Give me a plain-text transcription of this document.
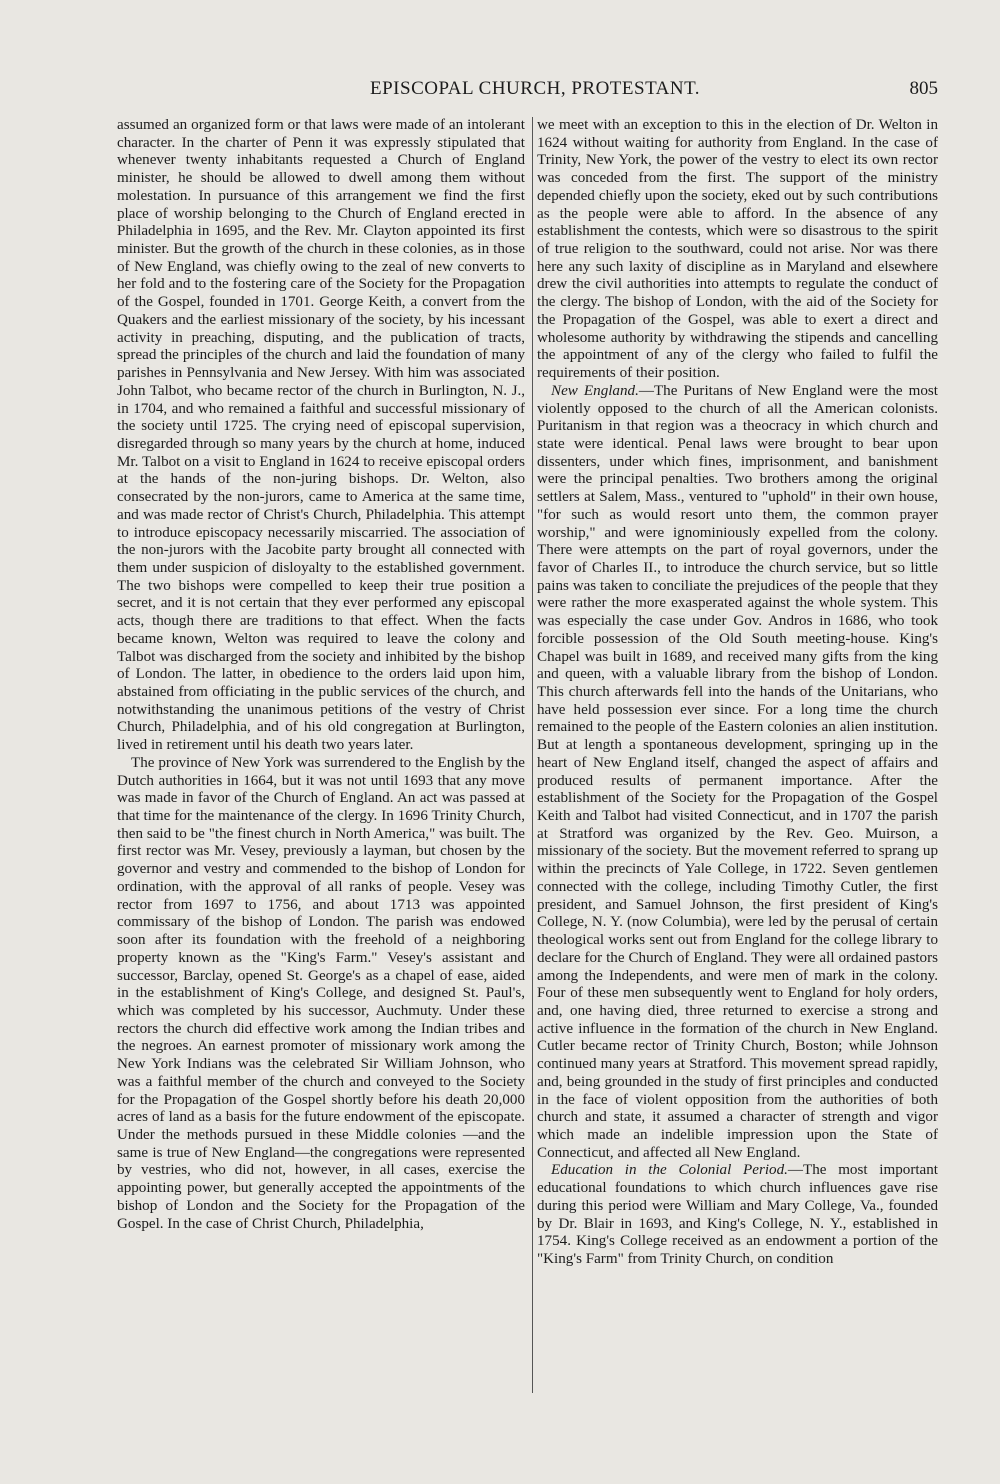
EPISCOPAL CHURCH, PROTESTANT.	805

assumed an organized form or that laws were made of an intolerant character. In the charter of Penn it was expressly stipulated that whenever twenty inhabitants requested a Church of England minister, he should be allowed to dwell among them without molestation. In pursuance of this arrangement we find the first place of worship belonging to the Church of England erected in Philadelphia in 1695, and the Rev. Mr. Clayton appointed its first minister. But the growth of the church in these colonies, as in those of New England, was chiefly owing to the zeal of new converts to her fold and to the fostering care of the Society for the Propagation of the Gospel, founded in 1701. George Keith, a convert from the Quakers and the earliest missionary of the society, by his incessant activity in preaching, disputing, and the publication of tracts, spread the principles of the church and laid the foundation of many parishes in Pennsylvania and New Jersey. With him was associated John Talbot, who became rector of the church in Burlington, N. J., in 1704, and who remained a faithful and successful missionary of the society until 1725. The crying need of episcopal supervision, disregarded through so many years by the church at home, induced Mr. Talbot on a visit to England in 1624 to receive episcopal orders at the hands of the non-juring bishops. Dr. Welton, also consecrated by the non-jurors, came to America at the same time, and was made rector of Christ's Church, Philadelphia. This attempt to introduce episcopacy necessarily miscarried. The association of the non-jurors with the Jacobite party brought all connected with them under suspicion of disloyalty to the established government. The two bishops were compelled to keep their true position a secret, and it is not certain that they ever performed any episcopal acts, though there are traditions to that effect. When the facts became known, Welton was required to leave the colony and Talbot was discharged from the society and inhibited by the bishop of London. The latter, in obedience to the orders laid upon him, abstained from officiating in the public services of the church, and notwithstanding the unanimous petitions of the vestry of Christ Church, Philadelphia, and of his old congregation at Burlington, lived in retirement until his death two years later.

The province of New York was surrendered to the English by the Dutch authorities in 1664, but it was not until 1693 that any move was made in favor of the Church of England. An act was passed at that time for the maintenance of the clergy. In 1696 Trinity Church, then said to be "the finest church in North America," was built. The first rector was Mr. Vesey, previously a layman, but chosen by the governor and vestry and commended to the bishop of London for ordination, with the approval of all ranks of people. Vesey was rector from 1697 to 1756, and about 1713 was appointed commissary of the bishop of London. The parish was endowed soon after its foundation with the freehold of a neighboring property known as the "King's Farm." Vesey's assistant and successor, Barclay, opened St. George's as a chapel of ease, aided in the establishment of King's College, and designed St. Paul's, which was completed by his successor, Auchmuty. Under these rectors the church did effective work among the Indian tribes and the negroes. An earnest promoter of missionary work among the New York Indians was the celebrated Sir William Johnson, who was a faithful member of the church and conveyed to the Society for the Propagation of the Gospel shortly before his death 20,000 acres of land as a basis for the future endowment of the episcopate. Under the methods pursued in these Middle colonies —and the same is true of New England—the congregations were represented by vestries, who did not, however, in all cases, exercise the appointing power, but generally accepted the appointments of the bishop of London and the Society for the Propagation of the Gospel. In the case of Christ Church, Philadelphia,

we meet with an exception to this in the election of Dr. Welton in 1624 without waiting for authority from England. In the case of Trinity, New York, the power of the vestry to elect its own rector was conceded from the first. The support of the ministry depended chiefly upon the society, eked out by such contributions as the people were able to afford. In the absence of any establishment the contests, which were so disastrous to the spirit of true religion to the southward, could not arise. Nor was there here any such laxity of discipline as in Maryland and elsewhere drew the civil authorities into attempts to regulate the conduct of the clergy. The bishop of London, with the aid of the Society for the Propagation of the Gospel, was able to exert a direct and wholesome authority by withdrawing the stipends and cancelling the appointment of any of the clergy who failed to fulfil the requirements of their position.

New England.—The Puritans of New England were the most violently opposed to the church of all the American colonists. Puritanism in that region was a theocracy in which church and state were identical. Penal laws were brought to bear upon dissenters, under which fines, imprisonment, and banishment were the principal penalties. Two brothers among the original settlers at Salem, Mass., ventured to "uphold" in their own house, "for such as would resort unto them, the common prayer worship," and were ignominiously expelled from the colony. There were attempts on the part of royal governors, under the favor of Charles II., to introduce the church service, but so little pains was taken to conciliate the prejudices of the people that they were rather the more exasperated against the whole system. This was especially the case under Gov. Andros in 1686, who took forcible possession of the Old South meeting-house. King's Chapel was built in 1689, and received many gifts from the king and queen, with a valuable library from the bishop of London. This church afterwards fell into the hands of the Unitarians, who have held possession ever since. For a long time the church remained to the people of the Eastern colonies an alien institution. But at length a spontaneous development, springing up in the heart of New England itself, changed the aspect of affairs and produced results of permanent importance. After the establishment of the Society for the Propagation of the Gospel Keith and Talbot had visited Connecticut, and in 1707 the parish at Stratford was organized by the Rev. Geo. Muirson, a missionary of the society. But the movement referred to sprang up within the precincts of Yale College, in 1722. Seven gentlemen connected with the college, including Timothy Cutler, the first president, and Samuel Johnson, the first president of King's College, N. Y. (now Columbia), were led by the perusal of certain theological works sent out from England for the college library to declare for the Church of England. They were all ordained pastors among the Independents, and were men of mark in the colony. Four of these men subsequently went to England for holy orders, and, one having died, three returned to exercise a strong and active influence in the formation of the church in New England. Cutler became rector of Trinity Church, Boston; while Johnson continued many years at Stratford. This movement spread rapidly, and, being grounded in the study of first principles and conducted in the face of violent opposition from the authorities of both church and state, it assumed a character of strength and vigor which made an indelible impression upon the State of Connecticut, and affected all New England.

Education in the Colonial Period.—The most important educational foundations to which church influences gave rise during this period were William and Mary College, Va., founded by Dr. Blair in 1693, and King's College, N. Y., established in 1754. King's College received as an endowment a portion of the "King's Farm" from Trinity Church, on condition
